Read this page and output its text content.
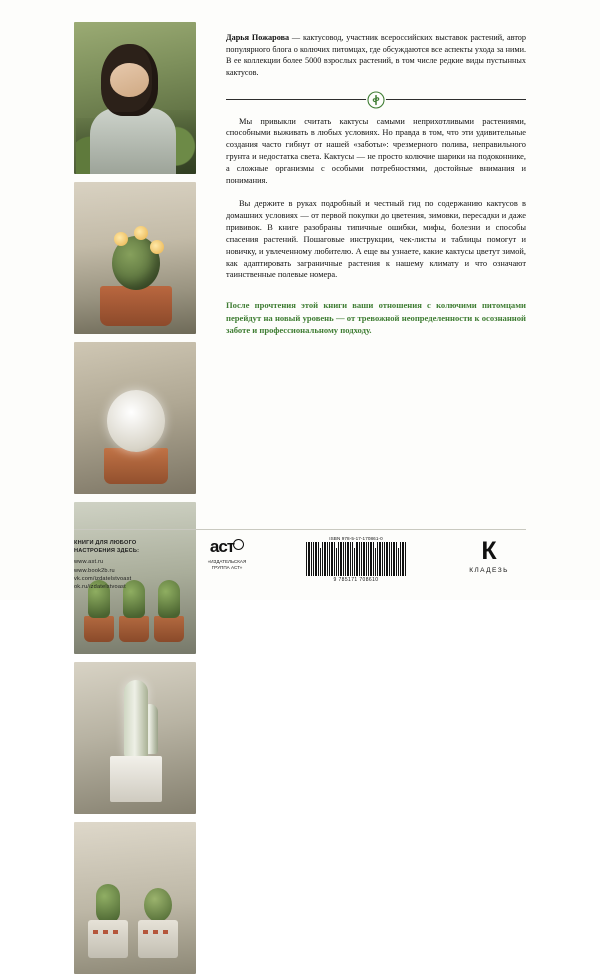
Дарья Пожарова — кактусовод, участник всероссийских выставок растений, автор популярного блога о колючих питомцах, где обсуждаются все аспекты ухода за ними. В ее коллекции более 5000 взрослых растений, в том числе редкие виды пустынных кактусов.

Мы привыкли считать кактусы самыми неприхотливыми растениями, способными выживать в любых условиях. Но правда в том, что эти удивительные создания часто гибнут от нашей «заботы»: чрезмерного полива, неправильного грунта и недостатка света. Кактусы — не просто колючие шарики на подоконнике, а сложные организмы с особыми потребностями, достойные внимания и понимания.

Вы держите в руках подробный и честный гид по содержанию кактусов в домашних условиях — от первой покупки до цветения, зимовки, пересадки и даже прививок. В книге разобраны типичные ошибки, мифы, болезни и способы спасения растений. Пошаговые инструкции, чек-листы и таблицы помогут и новичку, и увлеченному любителю. А еще вы узнаете, какие кактусы цветут зимой, как адаптировать заграничные растения к нашему климату и что означают таинственные полевые номера.

После прочтения этой книги ваши отношения с колючими питомцами перейдут на новый уровень — от тревожной неопределенности к осознанной заботе и профессиональному подходу.

КНИГИ ДЛЯ ЛЮБОГО
НАСТРОЕНИЯ ЗДЕСЬ:
www.ast.ru
www.book2b.ru
vk.com/izdatelstvoast
ok.ru/izdatelstvoast
аст
«ИЗДАТЕЛЬСКАЯ
ГРУППА АСТ»
ISBN 978-5-17-170861-0
9 785171 708610
К
КЛАДЕЗЬ
